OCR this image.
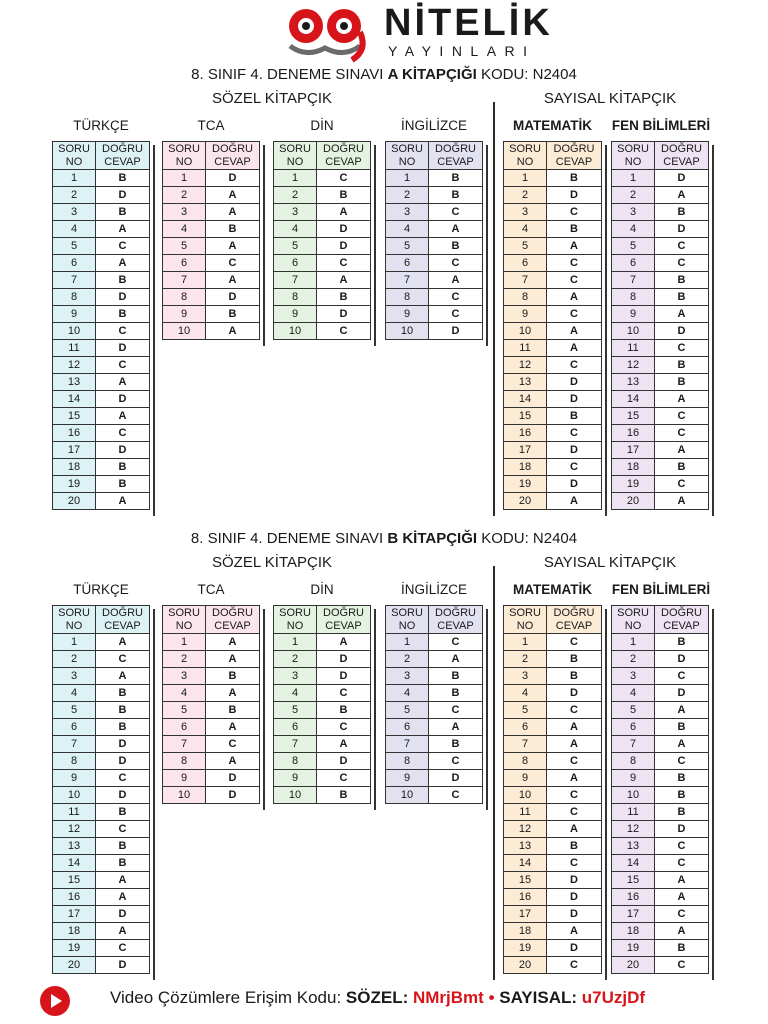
NİTELİK
YAYINLARI
8. SINIF 4. DENEME SINAVI A KİTAPÇIĞI KODU: N2404
SÖZEL KİTAPÇIK	SAYISAL KİTAPÇIK
TÜRKÇE
SORU
NO	DOĞRU
CEVAP
1	B
2	D
3	B
4	A
5	C
6	A
7	B
8	D
9	B
10	C
11	D
12	C
13	A
14	D
15	A
16	C
17	D
18	B
19	B
20	A
TCA
SORU
NO	DOĞRU
CEVAP
1	D
2	A
3	A
4	B
5	A
6	C
7	A
8	D
9	B
10	A
DİN
SORU
NO	DOĞRU
CEVAP
1	C
2	B
3	A
4	D
5	D
6	C
7	A
8	B
9	D
10	C
İNGİLİZCE
SORU
NO	DOĞRU
CEVAP
1	B
2	B
3	C
4	A
5	B
6	C
7	A
8	C
9	C
10	D
MATEMATİK
SORU
NO	DOĞRU
CEVAP
1	B
2	D
3	C
4	B
5	A
6	C
7	C
8	A
9	C
10	A
11	A
12	C
13	D
14	D
15	B
16	C
17	D
18	C
19	D
20	A
FEN BİLİMLERİ
SORU
NO	DOĞRU
CEVAP
1	D
2	A
3	B
4	D
5	C
6	C
7	B
8	B
9	A
10	D
11	C
12	B
13	B
14	A
15	C
16	C
17	A
18	B
19	C
20	A
8. SINIF 4. DENEME SINAVI B KİTAPÇIĞI KODU: N2404
SÖZEL KİTAPÇIK	SAYISAL KİTAPÇIK
TÜRKÇE
SORU
NO	DOĞRU
CEVAP
1	A
2	C
3	A
4	B
5	B
6	B
7	D
8	D
9	C
10	D
11	B
12	C
13	B
14	B
15	A
16	A
17	D
18	A
19	C
20	D
TCA
SORU
NO	DOĞRU
CEVAP
1	A
2	A
3	B
4	A
5	B
6	A
7	C
8	A
9	D
10	D
DİN
SORU
NO	DOĞRU
CEVAP
1	A
2	D
3	D
4	C
5	B
6	C
7	A
8	D
9	C
10	B
İNGİLİZCE
SORU
NO	DOĞRU
CEVAP
1	C
2	A
3	B
4	B
5	C
6	A
7	B
8	C
9	D
10	C
MATEMATİK
SORU
NO	DOĞRU
CEVAP
1	C
2	B
3	B
4	D
5	C
6	A
7	A
8	C
9	A
10	C
11	C
12	A
13	B
14	C
15	D
16	D
17	D
18	A
19	D
20	C
FEN BİLİMLERİ
SORU
NO	DOĞRU
CEVAP
1	B
2	D
3	C
4	D
5	A
6	B
7	A
8	C
9	B
10	B
11	B
12	D
13	C
14	C
15	A
16	A
17	C
18	A
19	B
20	C
Video Çözümlere Erişim Kodu: SÖZEL: NMrjBmt • SAYISAL: u7UzjDf
